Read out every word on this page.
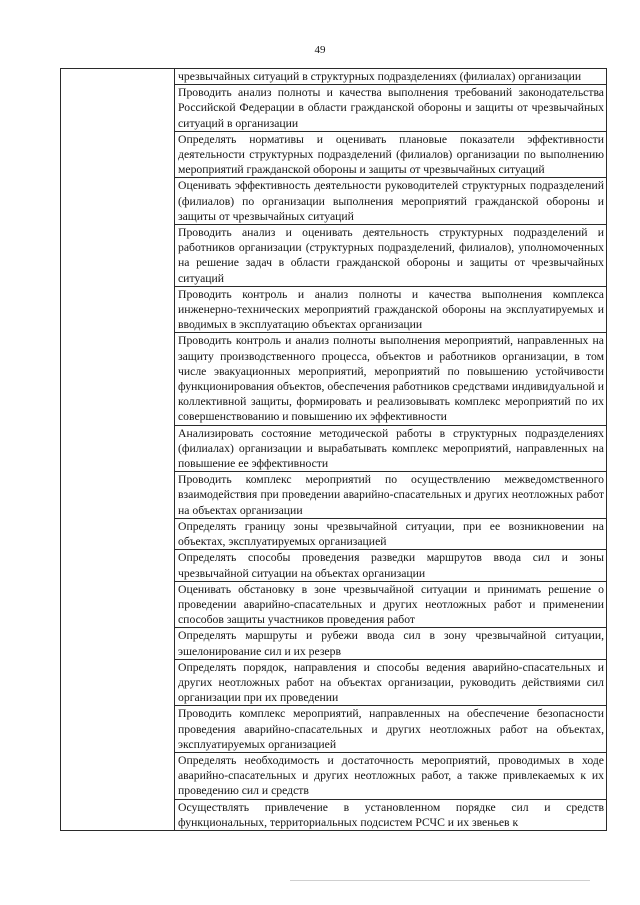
49

чрезвычайных ситуаций в структурных подразделениях (филиалах) организации

Проводить анализ полноты и качества выполнения требований законодательства Российской Федерации в области гражданской обороны и защиты от чрезвычайных ситуаций в организации

Определять нормативы и оценивать плановые показатели эффективности деятельности структурных подразделений (филиалов) организации по выполнению мероприятий гражданской обороны и защиты от чрезвычайных ситуаций

Оценивать эффективность деятельности руководителей структурных подразделений (филиалов) по организации выполнения мероприятий гражданской обороны и защиты от чрезвычайных ситуаций

Проводить анализ и оценивать деятельность структурных подразделений и работников организации (структурных подразделений, филиалов), уполномоченных на решение задач в области гражданской обороны и защиты от чрезвычайных ситуаций

Проводить контроль и анализ полноты и качества выполнения комплекса инженерно-технических мероприятий гражданской обороны на эксплуатируемых и вводимых в эксплуатацию объектах организации

Проводить контроль и анализ полноты выполнения мероприятий, направленных на защиту производственного процесса, объектов и работников организации, в том числе эвакуационных мероприятий, мероприятий по повышению устойчивости функционирования объектов, обеспечения работников средствами индивидуальной и коллективной защиты, формировать и реализовывать комплекс мероприятий по их совершенствованию и повышению их эффективности

Анализировать состояние методической работы в структурных подразделениях (филиалах) организации и вырабатывать комплекс мероприятий, направленных на повышение ее эффективности

Проводить комплекс мероприятий по осуществлению межведомственного взаимодействия при проведении аварийно-спасательных и других неотложных работ на объектах организации

Определять границу зоны чрезвычайной ситуации, при ее возникновении на объектах, эксплуатируемых организацией

Определять способы проведения разведки маршрутов ввода сил и зоны чрезвычайной ситуации на объектах организации

Оценивать обстановку в зоне чрезвычайной ситуации и принимать решение о проведении аварийно-спасательных и других неотложных работ и применении способов защиты участников проведения работ

Определять маршруты и рубежи ввода сил в зону чрезвычайной ситуации, эшелонирование сил и их резерв

Определять порядок, направления и способы ведения аварийно-спасательных и других неотложных работ на объектах организации, руководить действиями сил организации при их проведении

Проводить комплекс мероприятий, направленных на обеспечение безопасности проведения аварийно-спасательных и других неотложных работ на объектах, эксплуатируемых организацией

Определять необходимость и достаточность мероприятий, проводимых в ходе аварийно-спасательных и других неотложных работ, а также привлекаемых к их проведению сил и средств

Осуществлять привлечение в установленном порядке сил и средств функциональных, территориальных подсистем РСЧС и их звеньев к
